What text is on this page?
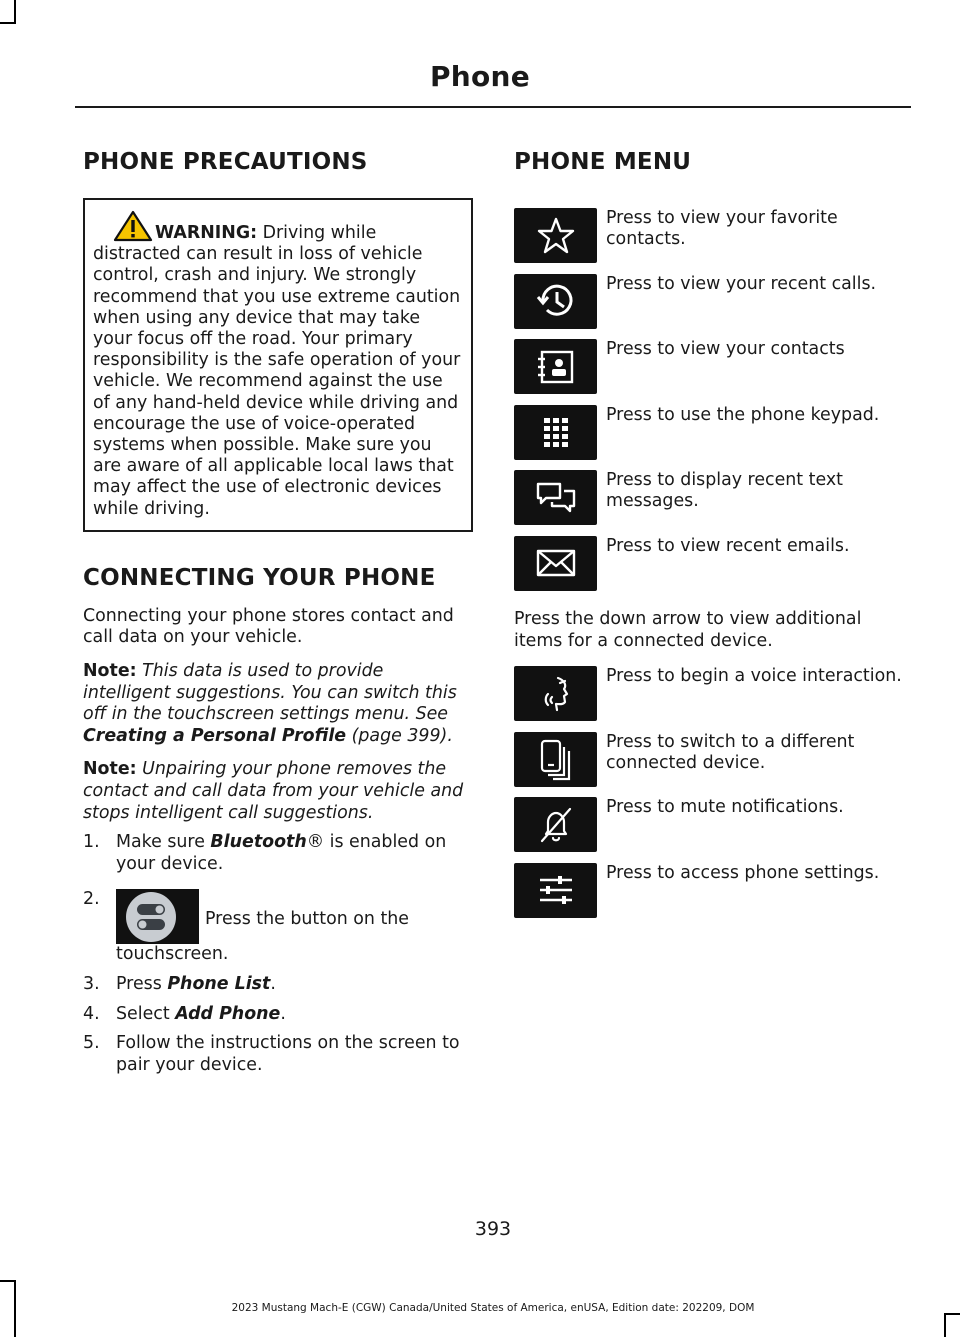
Phone
PHONE PRECAUTIONS
WARNING: Driving while distracted can result in loss of vehicle control, crash and injury. We strongly recommend that you use extreme caution when using any device that may take your focus off the road. Your primary responsibility is the safe operation of your vehicle. We recommend against the use of any hand-held device while driving and encourage the use of voice-operated systems when possible. Make sure you are aware of all applicable local laws that may affect the use of electronic devices while driving.
CONNECTING YOUR PHONE

Connecting your phone stores contact and call data on your vehicle.

Note: This data is used to provide intelligent suggestions. You can switch this off in the touchscreen settings menu. See Creating a Personal Profile (page 399).

Note: Unpairing your phone removes the contact and call data from your vehicle and stops intelligent call suggestions.

1. Make sure Bluetooth® is enabled on your device.
2.
Press the button on the touchscreen.
3. Press Phone List.
4. Select Add Phone.
5. Follow the instructions on the screen to pair your device.
PHONE MENU
Press to view your favorite contacts.
Press to view your recent calls.
Press to view your contacts
Press to use the phone keypad.
Press to display recent text messages.
Press to view recent emails.
Press the down arrow to view additional items for a connected device.
Press to begin a voice interaction.
Press to switch to a different connected device.
Press to mute notifications.
Press to access phone settings.
393
2023 Mustang Mach-E (CGW) Canada/United States of America, enUSA, Edition date: 202209, DOM
